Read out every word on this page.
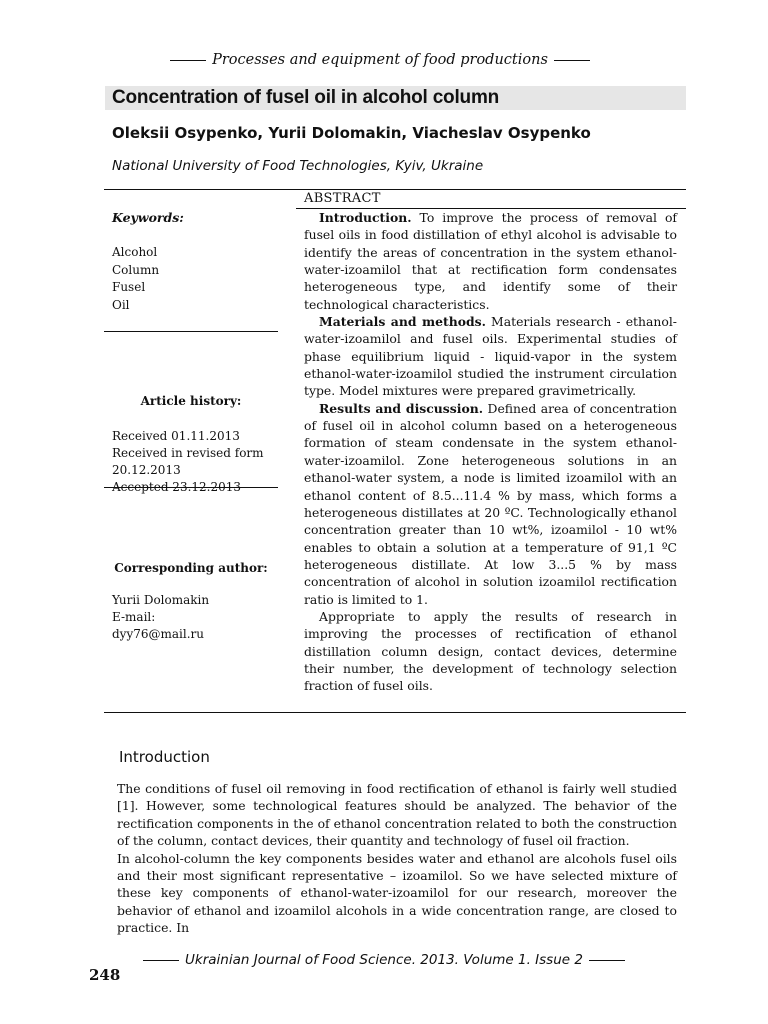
Processes and equipment of food productions
Concentration of fusel oil in alcohol column
Oleksii Osypenko, Yurii Dolomakin, Viacheslav Osypenko
National University of Food Technologies, Kyiv, Ukraine
Keywords:
Alcohol
Column
Fusel
Oil
Article history:
Received 01.11.2013
Received in revised form
20.12.2013
Accepted 23.12.2013
Corresponding author:
Yurii Dolomakin
E-mail:
dyy76@mail.ru
ABSTRACT

Introduction. To improve the process of removal of fusel oils in food distillation of ethyl alcohol is advisable to identify the areas of concentration in the system ethanol-water-izoamilol that at rectification form condensates heterogeneous type, and identify some of their technological characteristics.

Materials and methods. Materials research - ethanol-water-izoamilol and fusel oils. Experimental studies of phase equilibrium liquid - liquid-vapor in the system ethanol-water-izoamilol studied the instrument circulation type. Model mixtures were prepared gravimetrically.

Results and discussion. Defined area of concentration of fusel oil in alcohol column based on a heterogeneous formation of steam condensate in the system ethanol-water-izoamilol. Zone heterogeneous solutions in an ethanol-water system, a node is limited izoamilol with an ethanol content of 8.5...11.4 % by mass, which forms a heterogeneous distillates at 20 ºC. Technologically ethanol concentration greater than 10 wt%, izoamilol - 10 wt% enables to obtain a solution at a temperature of 91,1 ºC heterogeneous distillate. At low 3...5 % by mass concentration of alcohol in solution izoamilol rectification ratio is limited to 1.

Appropriate to apply the results of research in improving the processes of rectification of ethanol distillation column design, contact devices, determine their number, the development of technology selection fraction of fusel oils.

Introduction

The conditions of fusel oil removing in food rectification of ethanol is fairly well studied [1]. However, some technological features should be analyzed. The behavior of the rectification components in the of ethanol concentration related to both the construction of the column, contact devices, their quantity and technology of fusel oil fraction.

In alcohol-column the key components besides water and ethanol are alcohols fusel oils and their most significant representative – izoamilol. So we have selected mixture of these key components of ethanol-water-izoamilol for our research, moreover the behavior of ethanol and izoamilol alcohols in a wide concentration range, are closed to practice. In

Ukrainian Journal of Food Science. 2013. Volume 1. Issue 2
248
